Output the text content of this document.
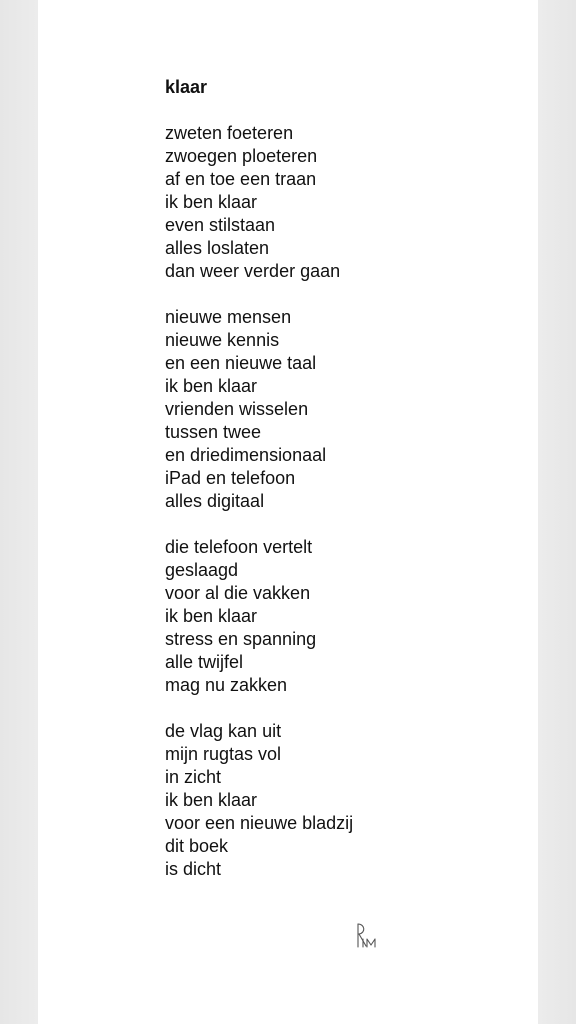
klaar
zweten foeteren
zwoegen ploeteren
af en toe een traan
ik ben klaar
even stilstaan
alles loslaten
dan weer verder gaan
nieuwe mensen
nieuwe kennis
en een nieuwe taal
ik ben klaar
vrienden wisselen
tussen twee
en driedimensionaal
iPad en telefoon
alles digitaal
die telefoon vertelt
geslaagd
voor al die vakken
ik ben klaar
stress en spanning
alle twijfel
mag nu zakken
de vlag kan uit
mijn rugtas vol
in zicht
ik ben klaar
voor een nieuwe bladzij
dit boek
is dicht
